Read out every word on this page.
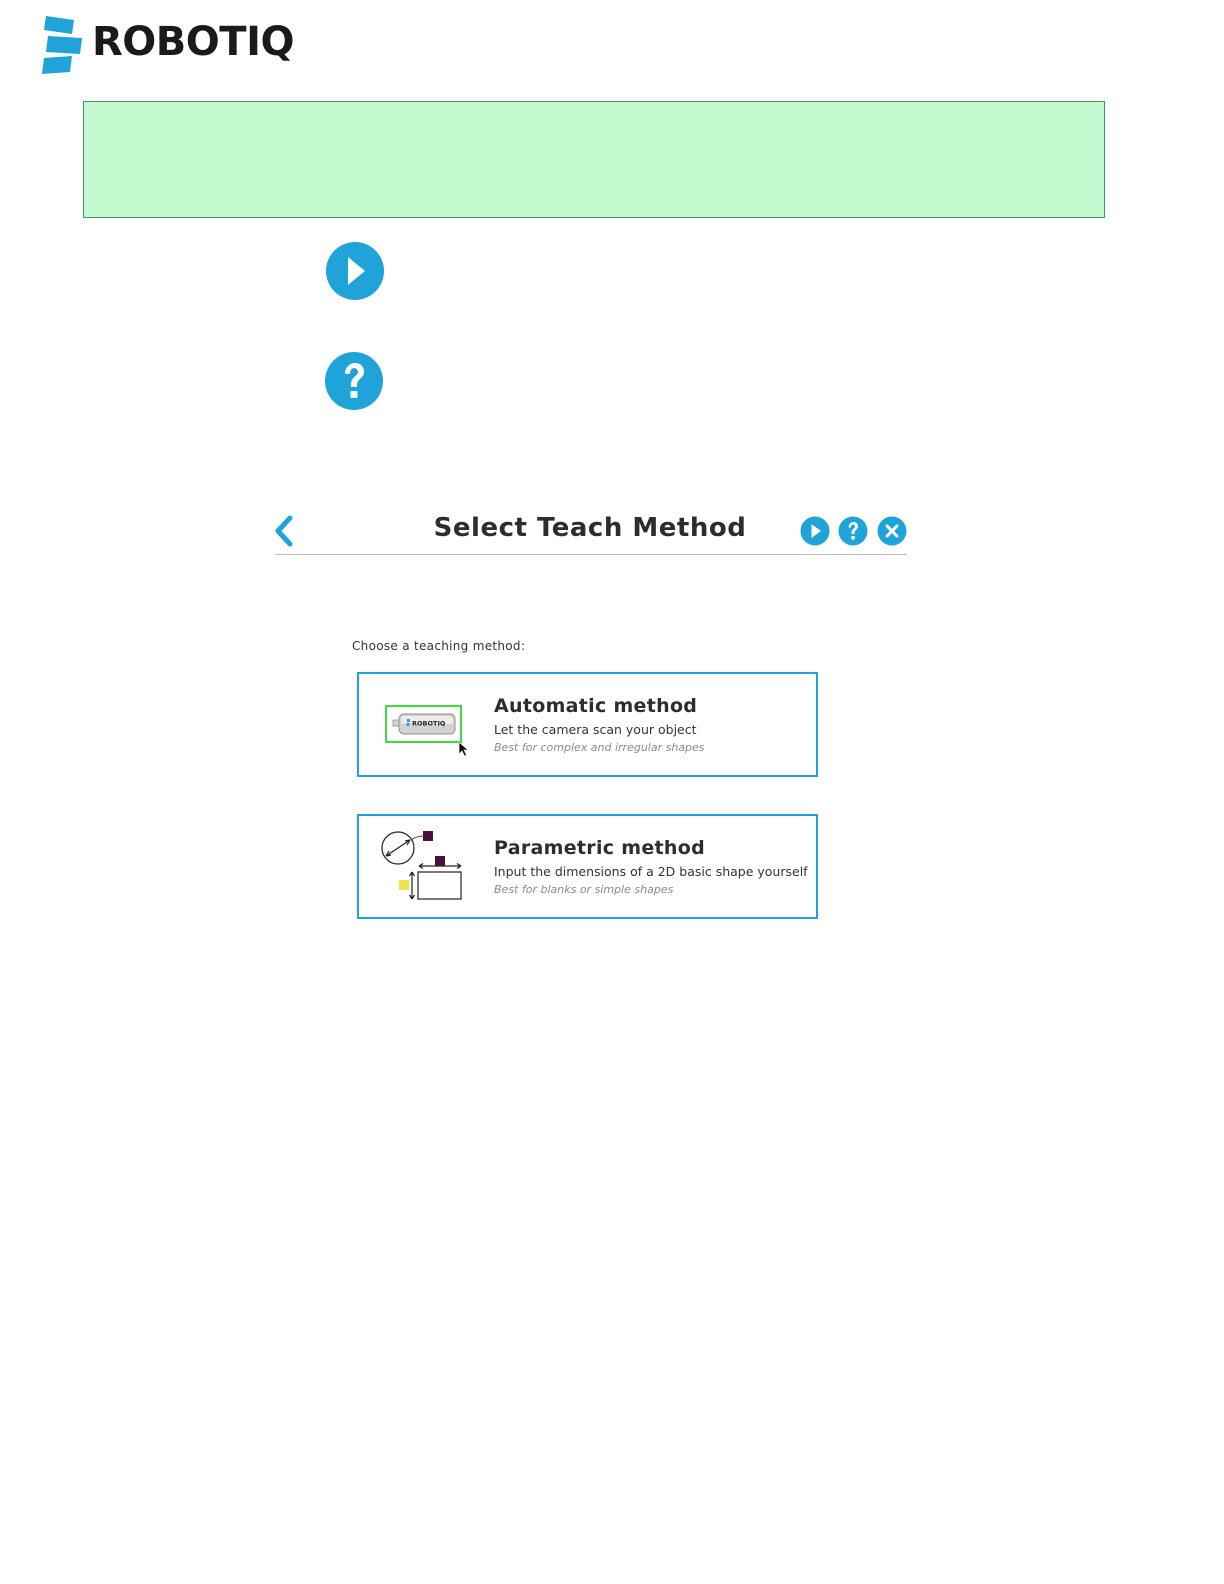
ROBOTIQ
Select Teach Method
Choose a teaching method:
ROBOTIQ
Automatic method
Let the camera scan your object
Best for complex and irregular shapes
Parametric method
Input the dimensions of a 2D basic shape yourself
Best for blanks or simple shapes
